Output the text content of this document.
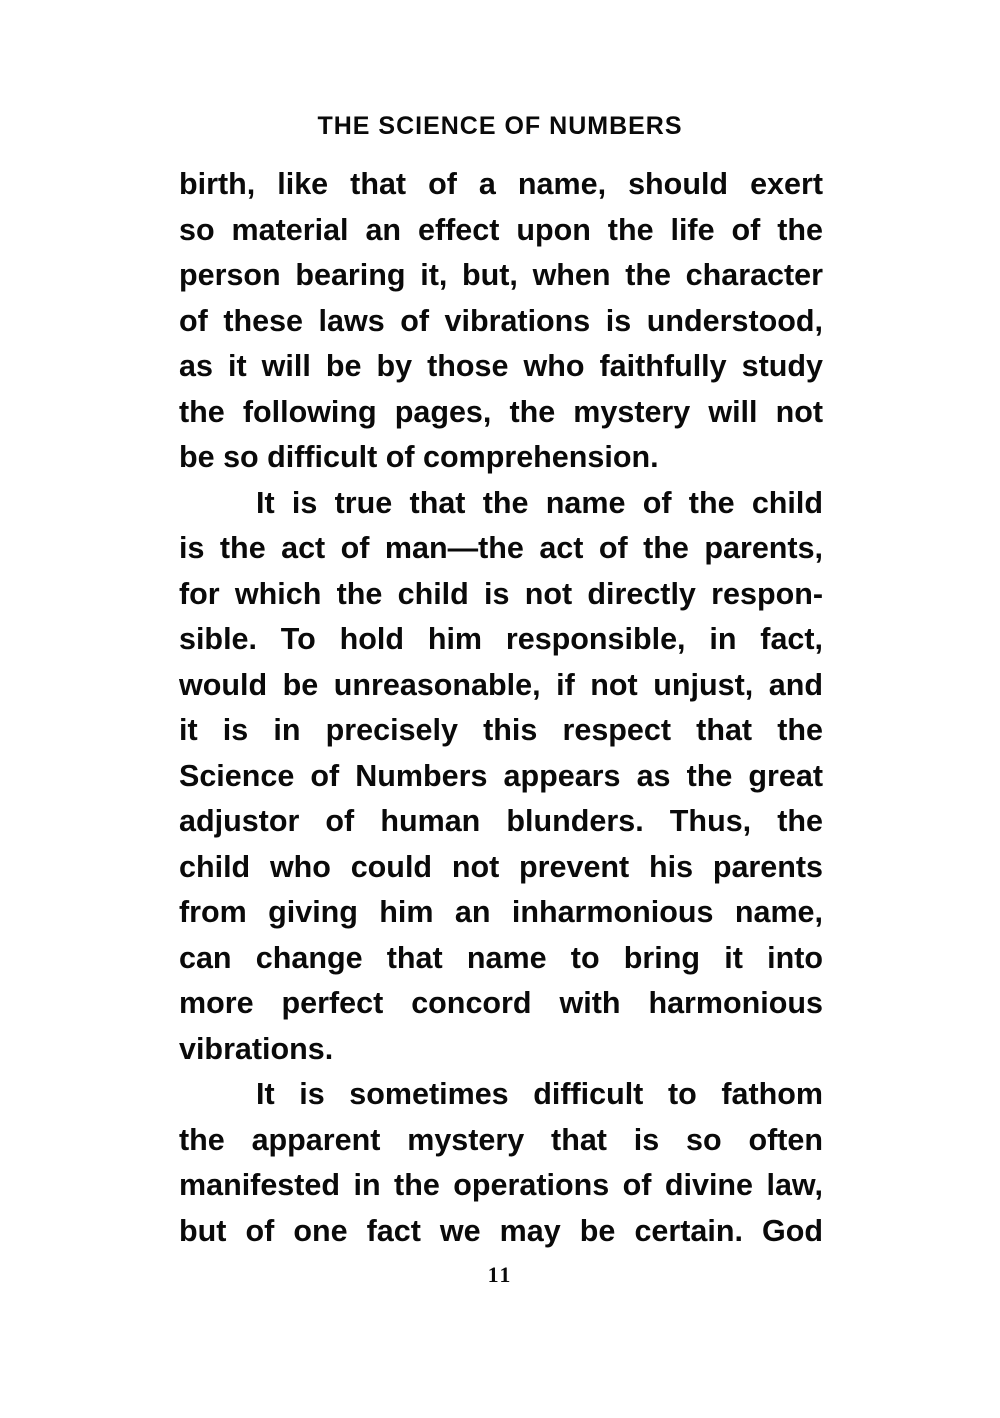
THE SCIENCE OF NUMBERS
birth, like that of a name, should exert
so material an effect upon the life of the
person bearing it, but, when the character
of these laws of vibrations is understood,
as it will be by those who faithfully study
the following pages, the mystery will not
be so difficult of comprehension.
It is true that the name of the child
is the act of man—the act of the parents,
for which the child is not directly respon-
sible. To hold him responsible, in fact,
would be unreasonable, if not unjust, and
it is in precisely this respect that the
Science of Numbers appears as the great
adjustor of human blunders. Thus, the
child who could not prevent his parents
from giving him an inharmonious name,
can change that name to bring it into
more perfect concord with harmonious
vibrations.
It is sometimes difficult to fathom
the apparent mystery that is so often
manifested in the operations of divine law,
but of one fact we may be certain. God
11
